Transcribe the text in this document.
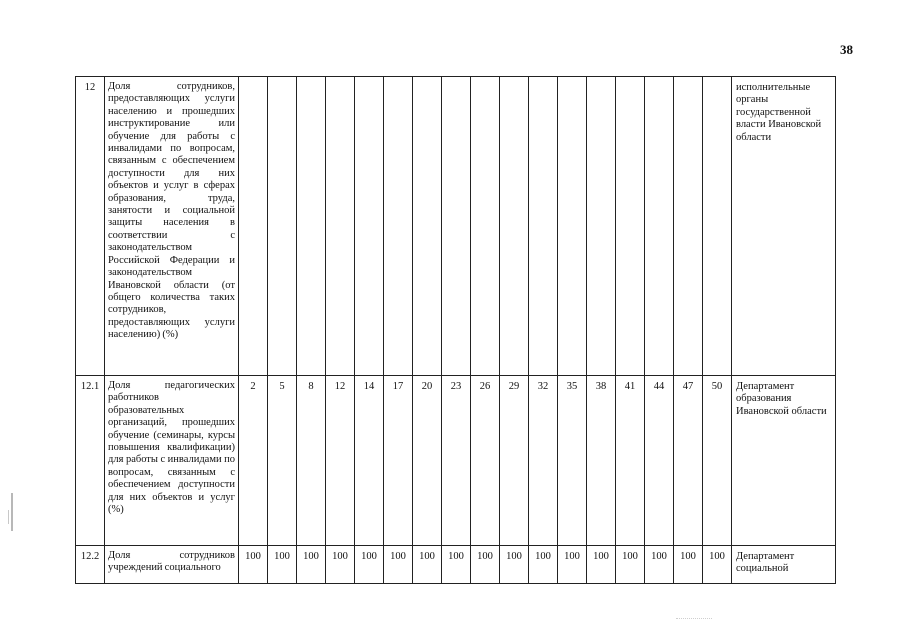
38
12	Доля сотрудников, предоставляющих услуги населению и прошедших инструктирование или обучение для работы с инвалидами по вопросам, связанным с обеспечением доступности для них объектов и услуг в сферах образования, труда, занятости и социальной защиты населения в соответствии с законодательством Российской Федерации и законодательством Ивановской области (от общего количества таких сотрудников, предоставляющих услуги населению) (%)																		исполнительные органы государственной власти Ивановской области
12.1	Доля педагогических работников образовательных организаций, прошедших обучение (семинары, курсы повышения квалификации) для работы с инвалидами по вопросам, связанным с обеспечением доступности для них объектов и услуг (%)	2	5	8	12	14	17	20	23	26	29	32	35	38	41	44	47	50	Департамент образования Ивановской области
12.2	Доля сотрудников учреждений социального	100	100	100	100	100	100	100	100	100	100	100	100	100	100	100	100	100	Департамент социальной
